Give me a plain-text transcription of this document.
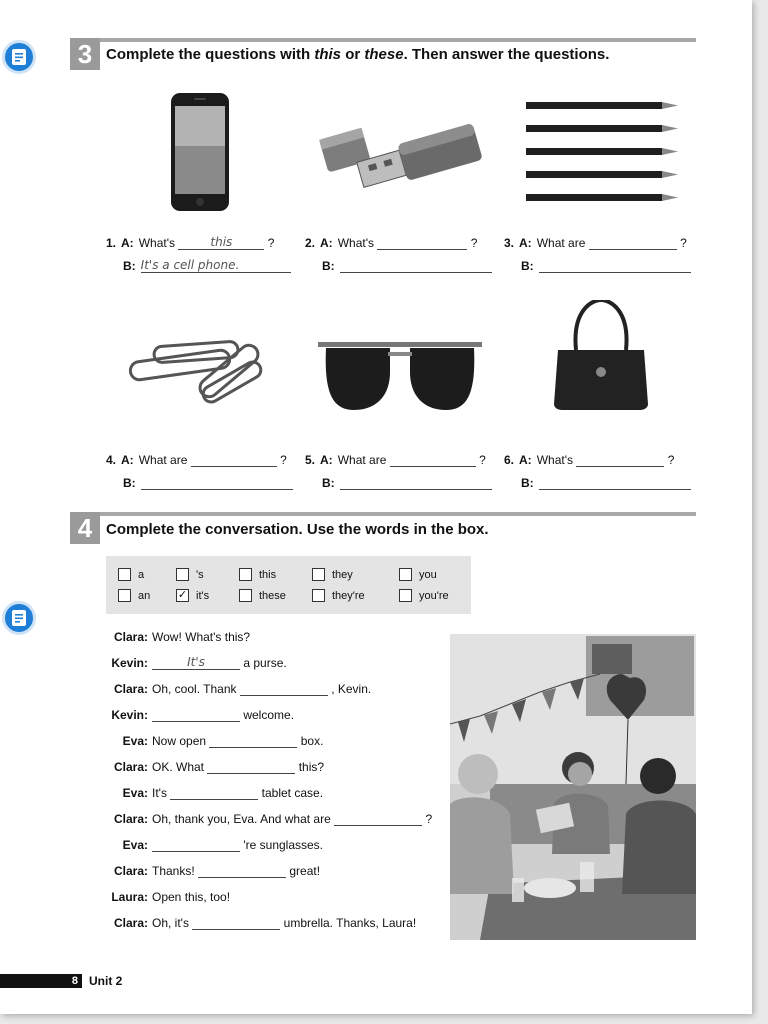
3 Complete the questions with this or these. Then answer the questions.
1. A: What's
	this
	?
B: It's a cell phone.
2. A: What's

	?
B:
3. A: What are

	?
B:
4. A: What are

	?
B:
5. A: What are

	?
B:
6. A: What's

	?
B:
4 Complete the conversation. Use the words in the box.
a	's	this	they	you
an	✓ it's	these	they're	you're
Clara: Wow! What's this?
Kevin:	It's
	a purse.
Clara: Oh, cool. Thank

	, Kevin.
Kevin:
	welcome.
Eva: Now open

	box.
Clara: OK. What

	this?
Eva: It's

	tablet case.
Clara: Oh, thank you, Eva. And what are

	?
Eva:
	're sunglasses.
Clara: Thanks!

	great!
Laura: Open this, too!
Clara: Oh, it's

	umbrella. Thanks, Laura!
8 Unit 2
